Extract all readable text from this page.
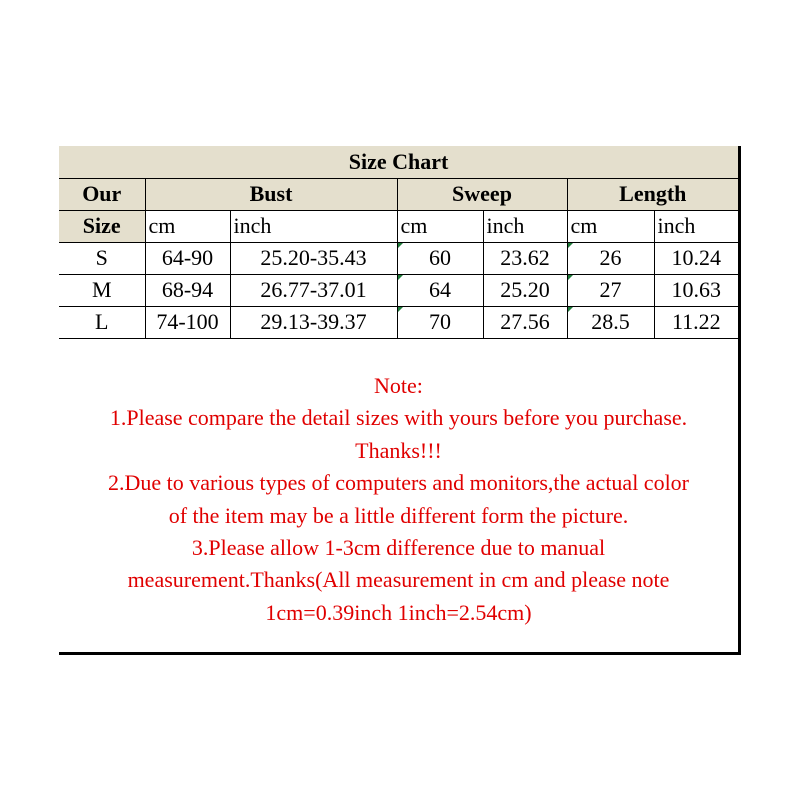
Size Chart						
Our	Bust		Sweep		Length	
Size	cm	inch	cm	inch	cm	inch
S	64-90	25.20-35.43	60	23.62	26	10.24
M	68-94	26.77-37.01	64	25.20	27	10.63
L	74-100	29.13-39.37	70	27.56	28.5	11.22
Note:
1.Please compare the detail sizes with yours before you purchase.
Thanks!!!
2.Due to various types of computers and monitors,the actual color
of the item may be a little different form the picture.
3.Please allow 1-3cm difference due to manual
measurement.Thanks(All measurement in cm and please note
1cm=0.39inch 1inch=2.54cm)
